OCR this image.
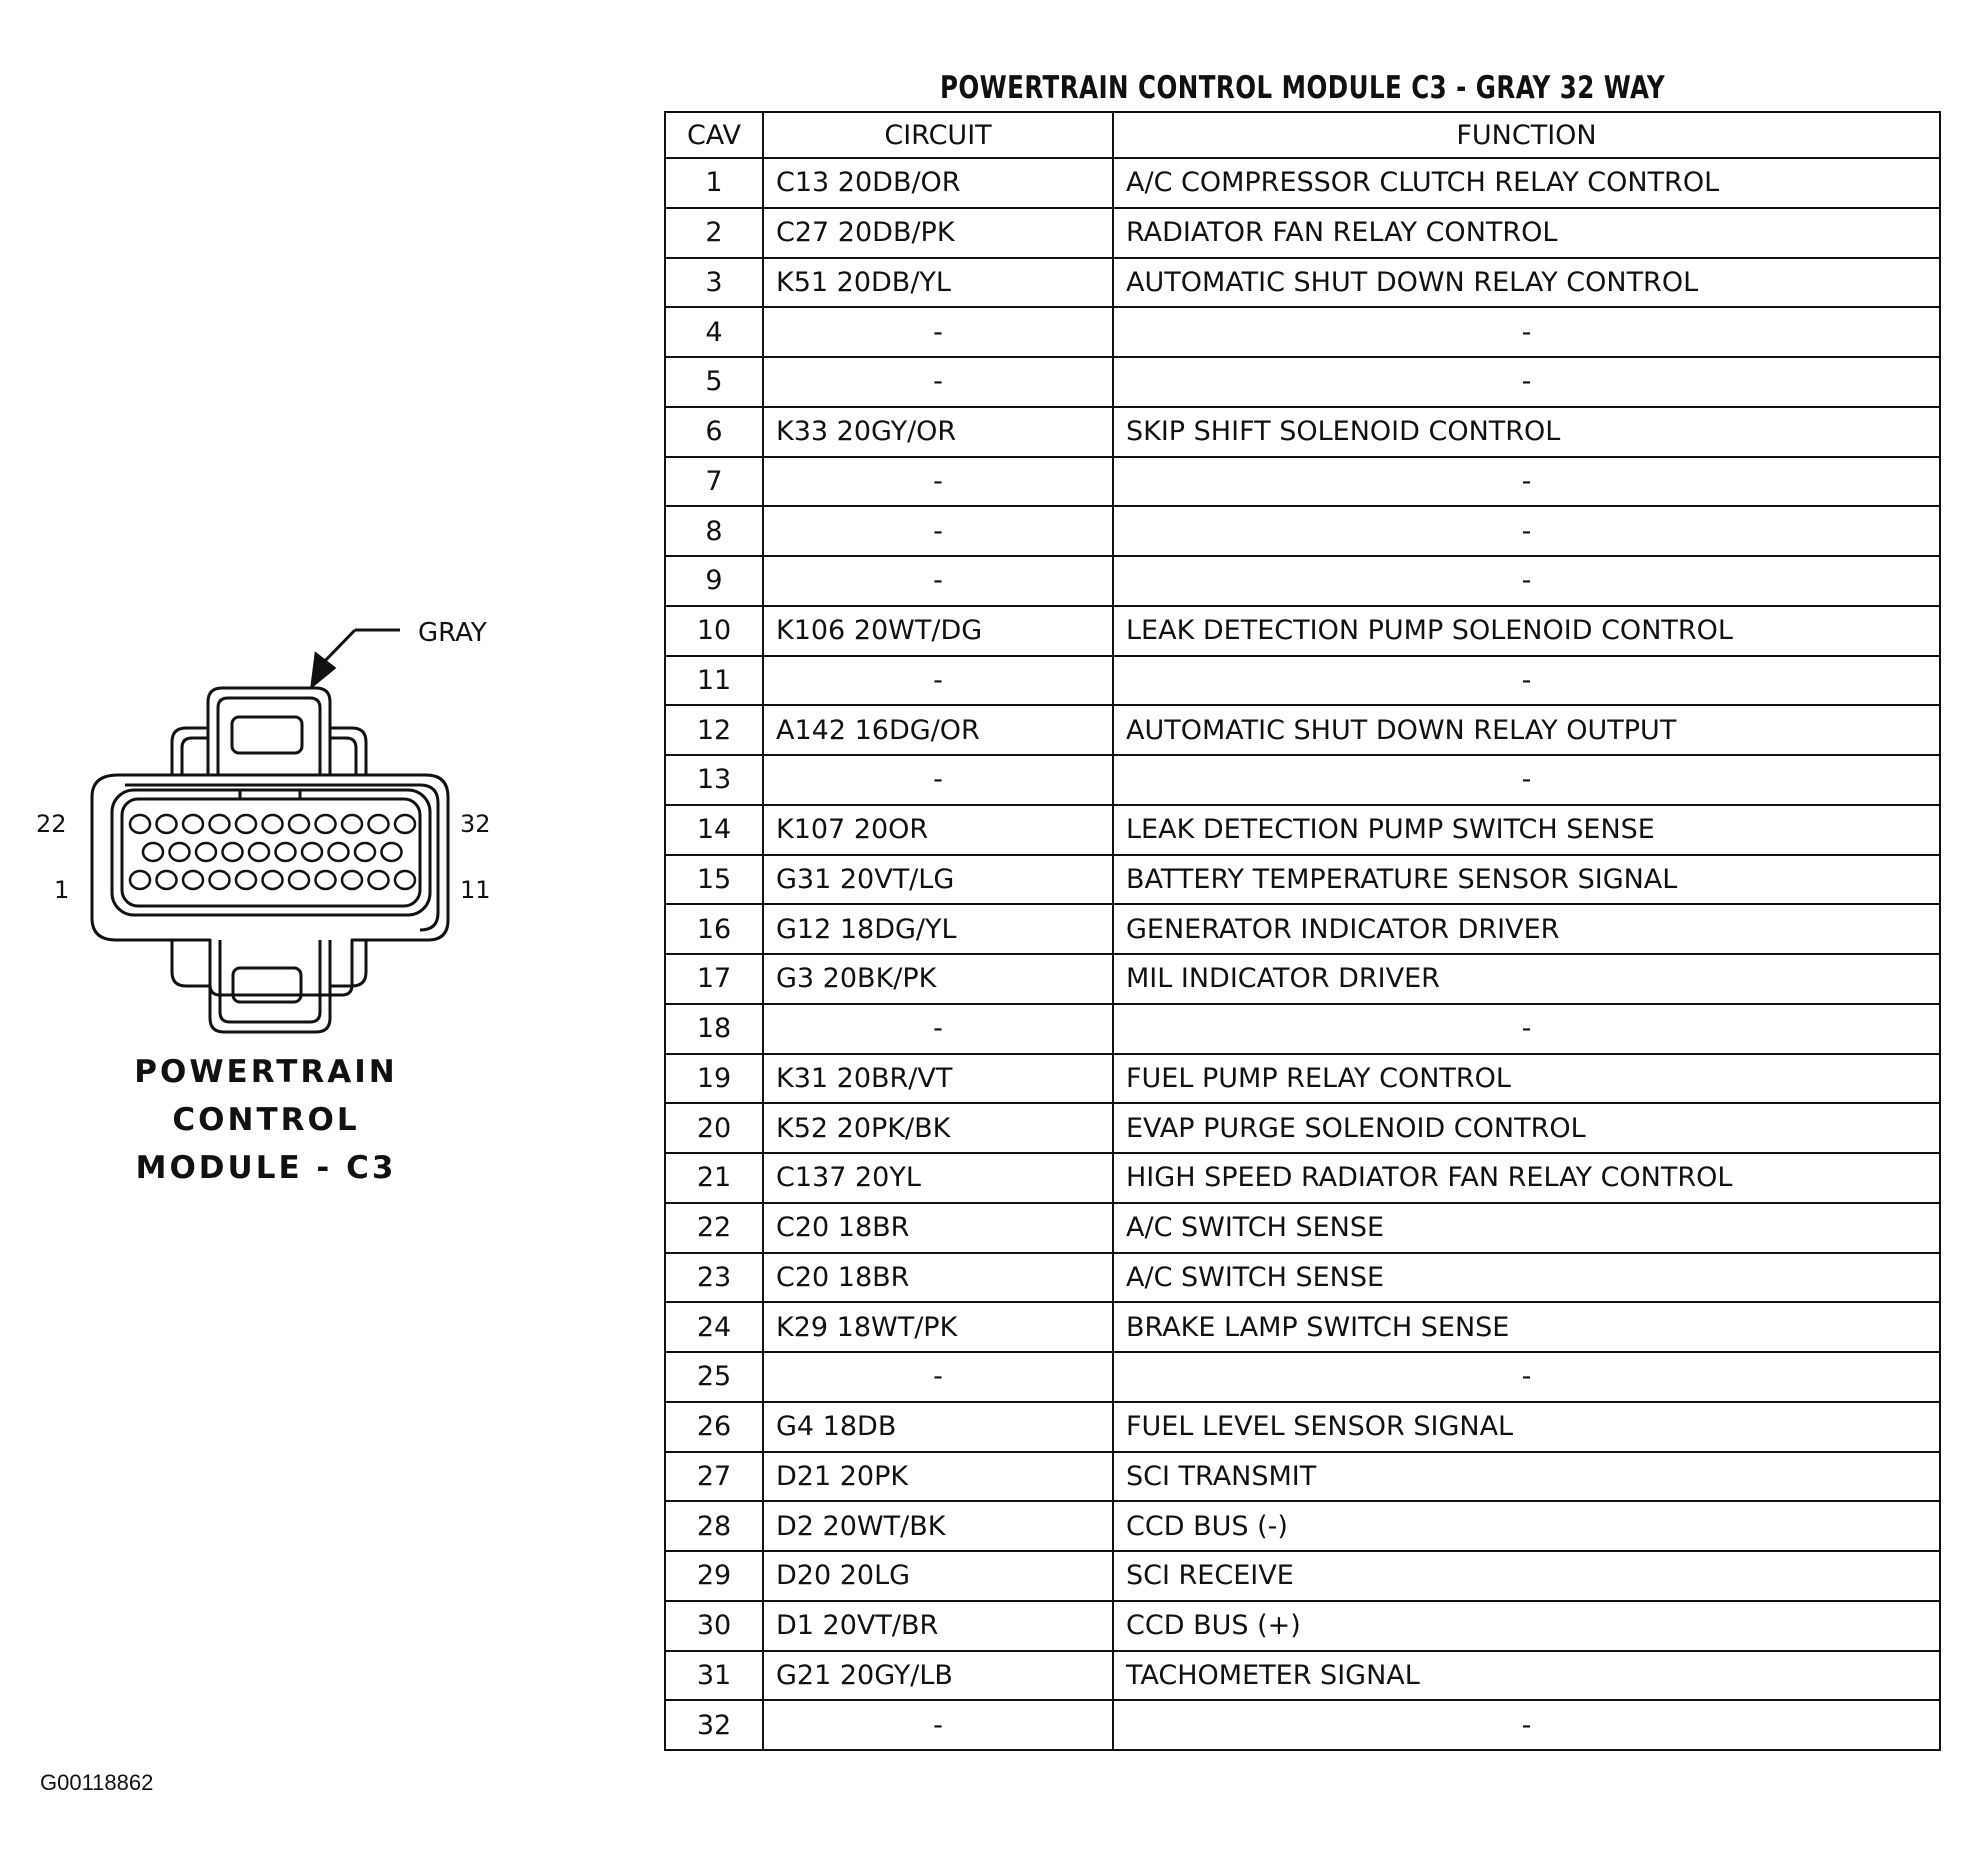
GRAY
22	32
1	11
POWERTRAIN
CONTROL
MODULE - C3
POWERTRAIN CONTROL MODULE C3 - GRAY 32 WAY
CAV	CIRCUIT	FUNCTION
1	C13 20DB/OR	A/C COMPRESSOR CLUTCH RELAY CONTROL
2	C27 20DB/PK	RADIATOR FAN RELAY CONTROL
3	K51 20DB/YL	AUTOMATIC SHUT DOWN RELAY CONTROL
4	-	-
5	-	-
6	K33 20GY/OR	SKIP SHIFT SOLENOID CONTROL
7	-	-
8	-	-
9	-	-
10	K106 20WT/DG	LEAK DETECTION PUMP SOLENOID CONTROL
11	-	-
12	A142 16DG/OR	AUTOMATIC SHUT DOWN RELAY OUTPUT
13	-	-
14	K107 20OR	LEAK DETECTION PUMP SWITCH SENSE
15	G31 20VT/LG	BATTERY TEMPERATURE SENSOR SIGNAL
16	G12 18DG/YL	GENERATOR INDICATOR DRIVER
17	G3 20BK/PK	MIL INDICATOR DRIVER
18	-	-
19	K31 20BR/VT	FUEL PUMP RELAY CONTROL
20	K52 20PK/BK	EVAP PURGE SOLENOID CONTROL
21	C137 20YL	HIGH SPEED RADIATOR FAN RELAY CONTROL
22	C20 18BR	A/C SWITCH SENSE
23	C20 18BR	A/C SWITCH SENSE
24	K29 18WT/PK	BRAKE LAMP SWITCH SENSE
25	-	-
26	G4 18DB	FUEL LEVEL SENSOR SIGNAL
27	D21 20PK	SCI TRANSMIT
28	D2 20WT/BK	CCD BUS (-)
29	D20 20LG	SCI RECEIVE
30	D1 20VT/BR	CCD BUS (+)
31	G21 20GY/LB	TACHOMETER SIGNAL
32	-	-
G00118862
